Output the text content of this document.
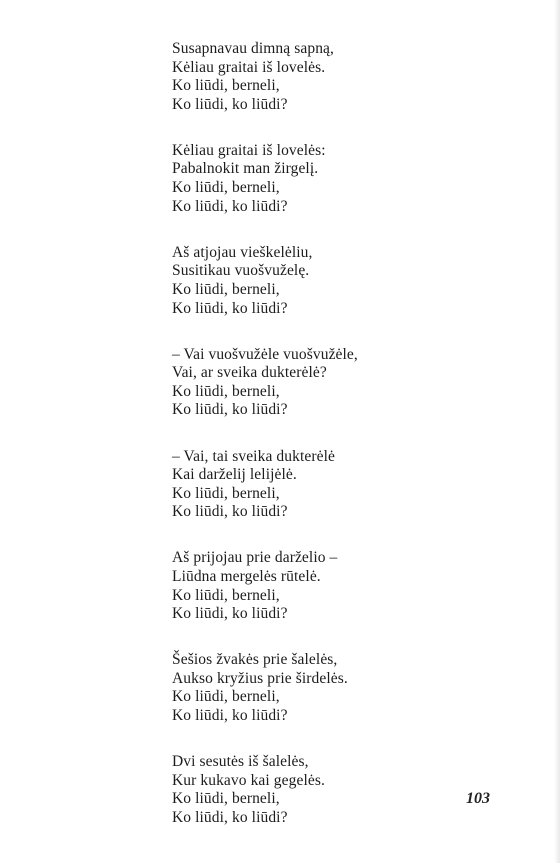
Susapnavau dimną sapną,
Kėliau graitai iš lovelės.
Ko liūdi, berneli,
Ko liūdi, ko liūdi?
Kėliau graitai iš lovelės:
Pabalnokit man žirgelį.
Ko liūdi, berneli,
Ko liūdi, ko liūdi?
Aš atjojau vieškelėliu,
Susitikau vuošvuželę.
Ko liūdi, berneli,
Ko liūdi, ko liūdi?
– Vai vuošvužėle vuošvužėle,
Vai, ar sveika dukterėlė?
Ko liūdi, berneli,
Ko liūdi, ko liūdi?
– Vai, tai sveika dukterėlė
Kai darželij lelijėlė.
Ko liūdi, berneli,
Ko liūdi, ko liūdi?
Aš prijojau prie darželio –
Liūdna mergelės rūtelė.
Ko liūdi, berneli,
Ko liūdi, ko liūdi?
Šešios žvakės prie šalelės,
Aukso kryžius prie širdelės.
Ko liūdi, berneli,
Ko liūdi, ko liūdi?
Dvi sesutės iš šalelės,
Kur kukavo kai gegelės.
Ko liūdi, berneli,
Ko liūdi, ko liūdi?
103
